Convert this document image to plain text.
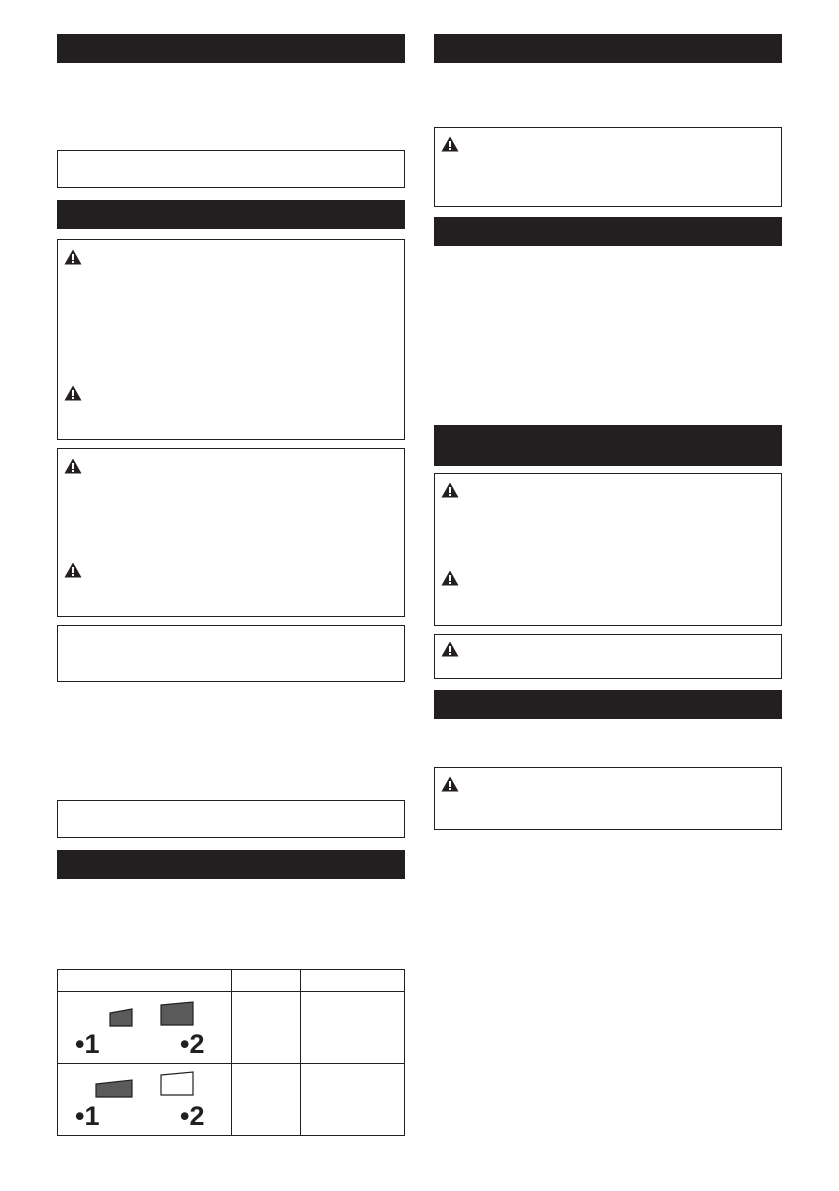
•1 •2		

•1 •2		
